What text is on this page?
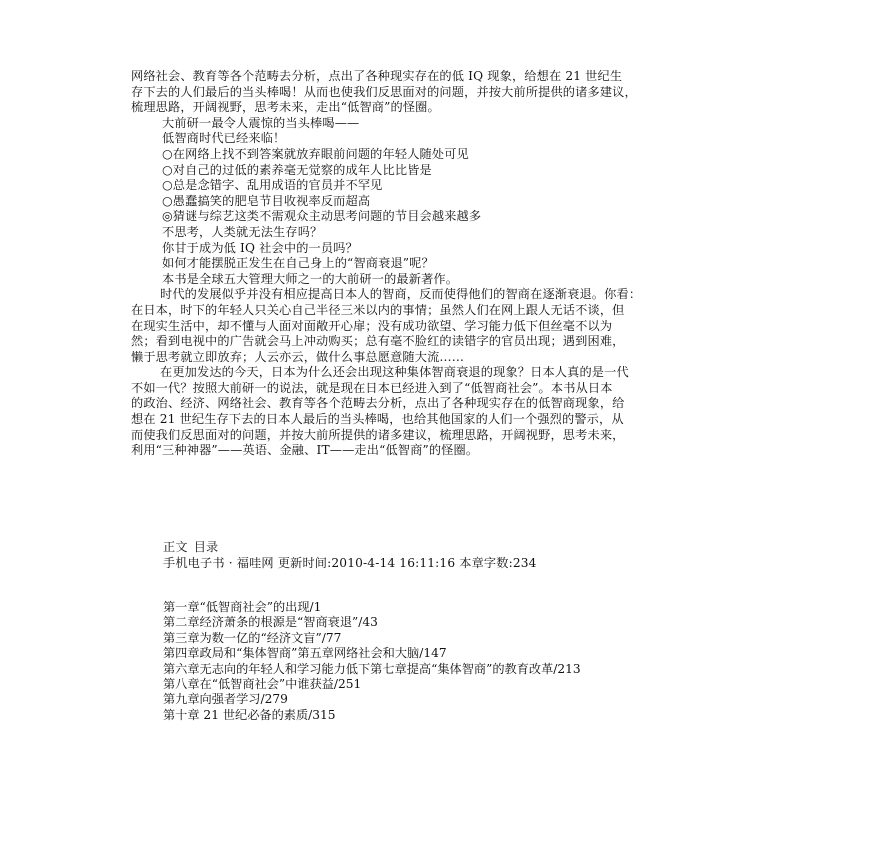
网络社会、教育等各个范畴去分析，点出了各种现实存在的低 IQ 现象，给想在 21 世纪生
存下去的人们最后的当头棒喝！从而也使我们反思面对的问题，并按大前所提供的诸多建议，
梳理思路，开阔视野，思考未来，走出“低智商”的怪圈。
大前研一最令人震惊的当头棒喝——
低智商时代已经来临！
○在网络上找不到答案就放弃眼前问题的年轻人随处可见
○对自己的过低的素养毫无觉察的成年人比比皆是
○总是念错字、乱用成语的官员并不罕见
○愚蠢搞笑的肥皂节目收视率反而超高
◎猜谜与综艺这类不需观众主动思考问题的节目会越来越多
不思考，人类就无法生存吗？
你甘于成为低 IQ 社会中的一员吗？
如何才能摆脱正发生在自己身上的“智商衰退”呢？
本书是全球五大管理大师之一的大前研一的最新著作。
时代的发展似乎并没有相应提高日本人的智商，反而使得他们的智商在逐渐衰退。你看：
在日本，时下的年轻人只关心自己半径三米以内的事情；虽然人们在网上跟人无话不谈，但
在现实生活中，却不懂与人面对面敞开心扉；没有成功欲望、学习能力低下但丝毫不以为
然；看到电视中的广告就会马上冲动购买；总有毫不脸红的读错字的官员出现；遇到困难，
懒于思考就立即放弃；人云亦云，做什么事总愿意随大流……
在更加发达的今天，日本为什么还会出现这种集体智商衰退的现象？日本人真的是一代
不如一代？按照大前研一的说法，就是现在日本已经进入到了“低智商社会”。本书从日本
的政治、经济、网络社会、教育等各个范畴去分析，点出了各种现实存在的低智商现象，给
想在 21 世纪生存下去的日本人最后的当头棒喝，也给其他国家的人们一个强烈的警示，从
而使我们反思面对的问题，并按大前所提供的诸多建议，梳理思路，开阔视野，思考未来，
利用“三种神器”——英语、金融、IT——走出“低智商”的怪圈。
正文 目录
手机电子书 · 福哇网 更新时间:2010-4-14 16:11:16 本章字数:234
第一章“低智商社会”的出现/1
第二章经济萧条的根源是“智商衰退”/43
第三章为数一亿的“经济文盲”/77
第四章政局和“集体智商”第五章网络社会和大脑/147
第六章无志向的年轻人和学习能力低下第七章提高“集体智商”的教育改革/213
第八章在“低智商社会”中谁获益/251
第九章向强者学习/279
第十章 21 世纪必备的素质/315
